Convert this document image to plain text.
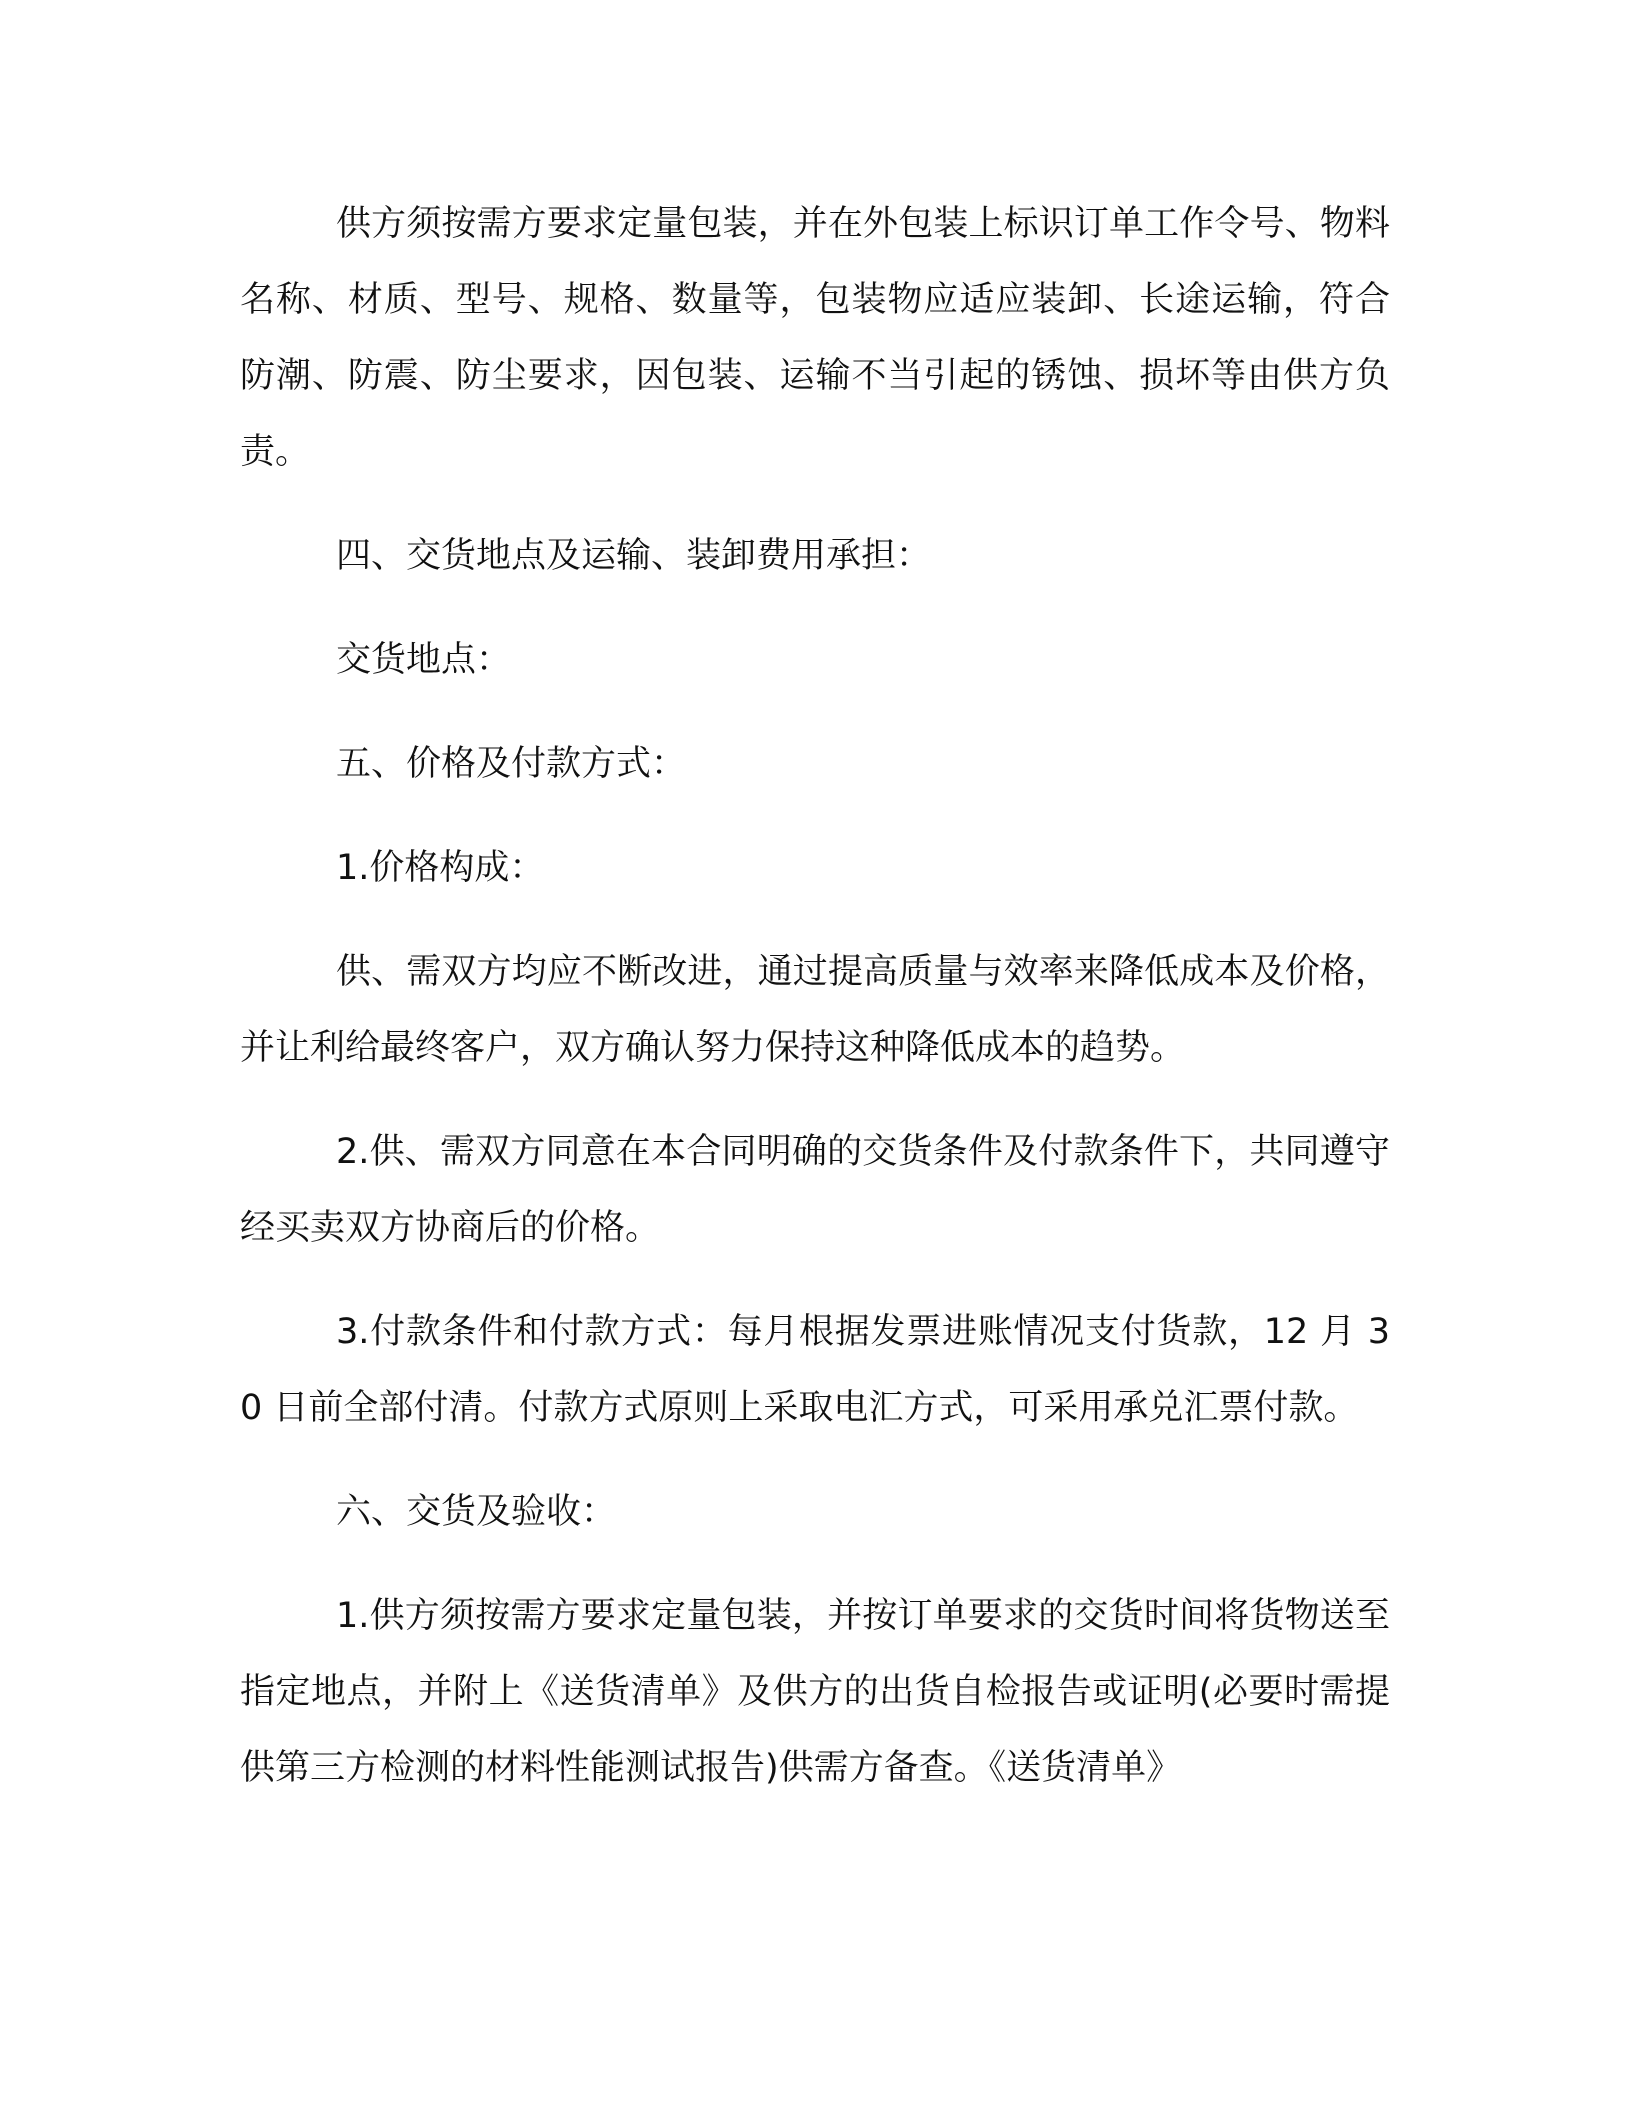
供方须按需方要求定量包装，并在外包装上标识订单工作令号、物料名称、材质、型号、规格、数量等，包装物应适应装卸、长途运输，符合防潮、防震、防尘要求，因包装、运输不当引起的锈蚀、损坏等由供方负责。

四、交货地点及运输、装卸费用承担：

交货地点：

五、价格及付款方式：

1.价格构成：

供、需双方均应不断改进，通过提高质量与效率来降低成本及价格，并让利给最终客户，双方确认努力保持这种降低成本的趋势。

2.供、需双方同意在本合同明确的交货条件及付款条件下，共同遵守经买卖双方协商后的价格。

3.付款条件和付款方式：每月根据发票进账情况支付货款，12 月 30 日前全部付清。付款方式原则上采取电汇方式，可采用承兑汇票付款。

六、交货及验收：

1.供方须按需方要求定量包装，并按订单要求的交货时间将货物送至指定地点，并附上《送货清单》及供方的出货自检报告或证明(必要时需提供第三方检测的材料性能测试报告)供需方备查。《送货清单》
